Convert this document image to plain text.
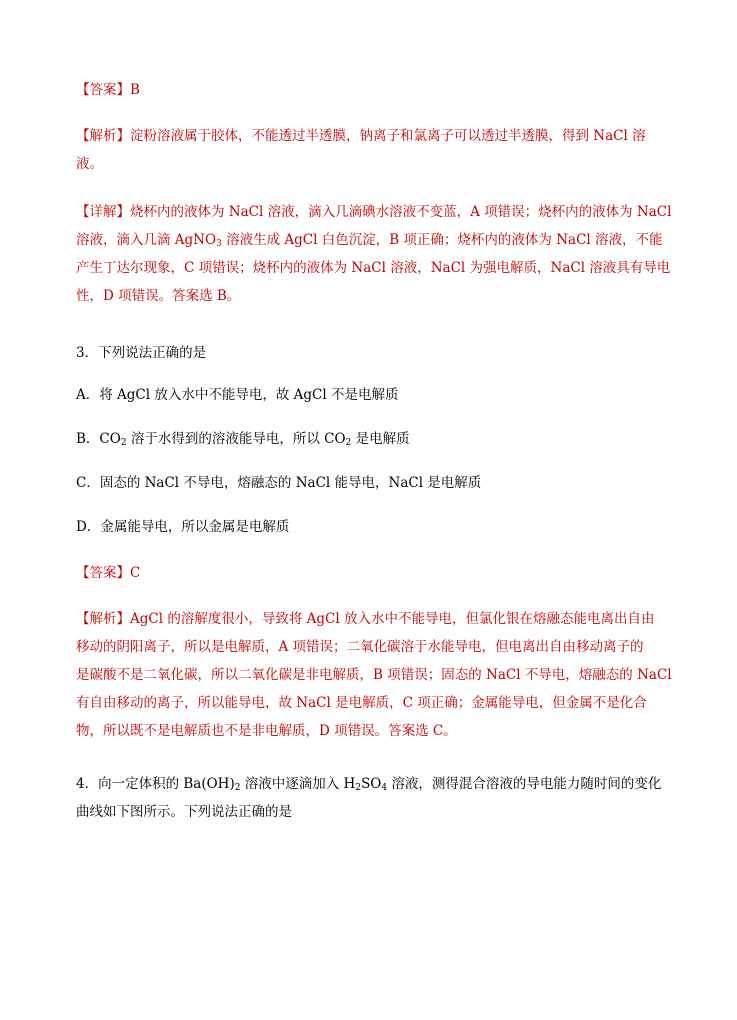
【答案】B
【解析】淀粉溶液属于胶体，不能透过半透膜，钠离子和氯离子可以透过半透膜，得到 NaCl 溶
液。
【详解】烧杯内的液体为 NaCl 溶液，滴入几滴碘水溶液不变蓝，A 项错误；烧杯内的液体为 NaCl
溶液，滴入几滴 AgNO$_3$ 溶液生成 AgCl 白色沉淀，B 项正确；烧杯内的液体为 NaCl 溶液，不能
产生丁达尔现象，C 项错误；烧杯内的液体为 NaCl 溶液，NaCl 为强电解质，NaCl 溶液具有导电
性，D 项错误。答案选 B。
3．下列说法正确的是
A．将 AgCl 放入水中不能导电，故 AgCl 不是电解质
B．$CO_2$ 溶于水得到的溶液能导电，所以 $CO_2$ 是电解质
C．固态的 NaCl 不导电，熔融态的 NaCl 能导电，NaCl 是电解质
D．金属能导电，所以金属是电解质
【答案】C
【解析】AgCl 的溶解度很小，导致将 AgCl 放入水中不能导电，但氯化银在熔融态能电离出自由
移动的阴阳离子，所以是电解质，A 项错误；二氧化碳溶于水能导电，但电离出自由移动离子的
是碳酸不是二氧化碳，所以二氧化碳是非电解质，B 项错误；固态的 NaCl 不导电，熔融态的 NaCl
有自由移动的离子，所以能导电，故 NaCl 是电解质，C 项正确；金属能导电，但金属不是化合
物，所以既不是电解质也不是非电解质，D 项错误。答案选 C。
4．向一定体积的 $Ba(OH)_2$ 溶液中逐滴加入 $H_2SO_4$ 溶液，测得混合溶液的导电能力随时间的变化
曲线如下图所示。下列说法正确的是
